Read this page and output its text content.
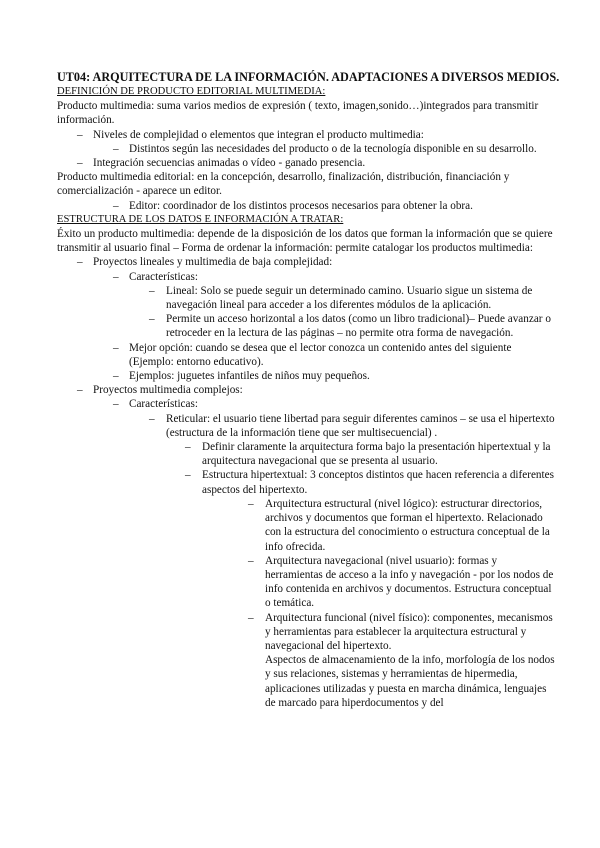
UT04: ARQUITECTURA DE LA INFORMACIÓN. ADAPTACIONES A DIVERSOS MEDIOS.

DEFINICIÓN DE PRODUCTO EDITORIAL MULTIMEDIA:

Producto multimedia: suma varios medios de expresión ( texto, imagen,sonido…)integrados para transmitir información.

– Niveles de complejidad o elementos que integran el producto multimedia:
– Distintos según las necesidades del producto o de la tecnología disponible en su desarrollo.
– Integración secuencias animadas o vídeo - ganado presencia.

Producto multimedia editorial: en la concepción, desarrollo, finalización, distribución, financiación y comercialización - aparece un editor.

– Editor: coordinador de los distintos procesos necesarios para obtener la obra.

ESTRUCTURA DE LOS DATOS E INFORMACIÓN A TRATAR:

Éxito un producto multimedia: depende de la disposición de los datos que forman la información que se quiere transmitir al usuario final – Forma de ordenar la información: permite catalogar los productos multimedia:

– Proyectos lineales y multimedia de baja complejidad:
– Características:
– Lineal: Solo se puede seguir un determinado camino. Usuario sigue un sistema de navegación lineal para acceder a los diferentes módulos de la aplicación.
– Permite un acceso horizontal a los datos (como un libro tradicional)– Puede avanzar o retroceder en la lectura de las páginas – no permite otra forma de navegación.
– Mejor opción: cuando se desea que el lector conozca un contenido antes del siguiente (Ejemplo: entorno educativo).
– Ejemplos: juguetes infantiles de niños muy pequeños.
– Proyectos multimedia complejos:
– Características:
– Reticular: el usuario tiene libertad para seguir diferentes caminos – se usa el hipertexto (estructura de la información tiene que ser multisecuencial) .
– Definir claramente la arquitectura forma bajo la presentación hipertextual y la arquitectura navegacional que se presenta al usuario.
– Estructura hipertextual: 3 conceptos distintos que hacen referencia a diferentes aspectos del hipertexto.
– Arquitectura estructural (nivel lógico): estructurar directorios, archivos y documentos que forman el hipertexto. Relacionado con la estructura del conocimiento o estructura conceptual de la info ofrecida.
– Arquitectura navegacional (nivel usuario): formas y herramientas de acceso a la info y navegación - por los nodos de info contenida en archivos y documentos. Estructura conceptual o temática.
– Arquitectura funcional (nivel físico): componentes, mecanismos y herramientas para establecer la arquitectura estructural y navegacional del hipertexto.
Aspectos de almacenamiento de la info, morfología de los nodos y sus relaciones, sistemas y herramientas de hipermedia, aplicaciones utilizadas y puesta en marcha dinámica, lenguajes de marcado para hiperdocumentos y del
